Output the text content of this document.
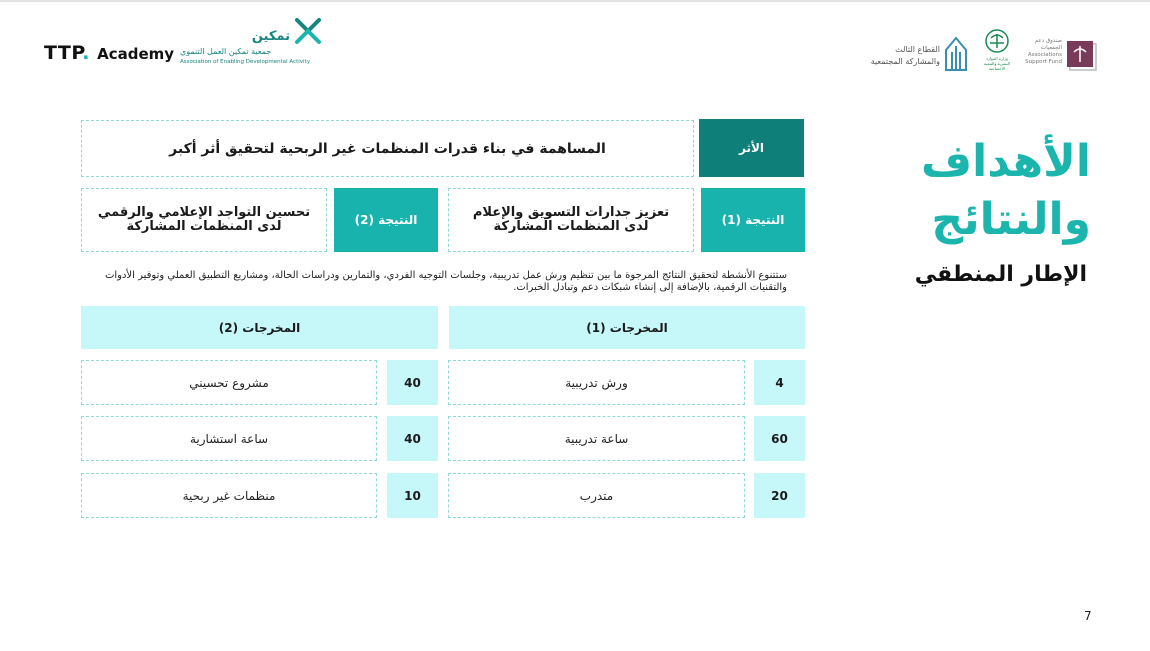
TTP. Academy
تمكين
جمعية تمكين العمل التنموي
Association of Enabling Developmental Activity
القطاع الثالث
والمشاركة المجتمعية	وزارة الموارد البشرية والتنمية الاجتماعية
صندوق دعم الجمعيات
Associations
Support Fund
الأهداف
والنتائج
الإطار المنطقي
الأثر
المساهمة في بناء قدرات المنظمات غير الربحية لتحقيق أثر أكبر
النتيجة (1)
تعزيز جدارات التسويق والإعلام
لدى المنظمات المشاركة
النتيجة (2)
تحسين التواجد الإعلامي والرقمي
لدى المنظمات المشاركة
ستتنوع الأنشطة لتحقيق النتائج المرجوة ما بين تنظيم ورش عمل تدريبية، وجلسات التوجيه الفردي، والتمارين ودراسات الحالة، ومشاريع التطبيق العملي وتوفير الأدوات والتقنيات الرقمية، بالإضافة إلى إنشاء شبكات دعم وتبادل الخبرات.
المخرجات (1)
المخرجات (2)
4
ورش تدريبية
60
ساعة تدريبية
20
متدرب
40
مشروع تحسيني
40
ساعة استشارية
10
منظمات غير ربحية
7
